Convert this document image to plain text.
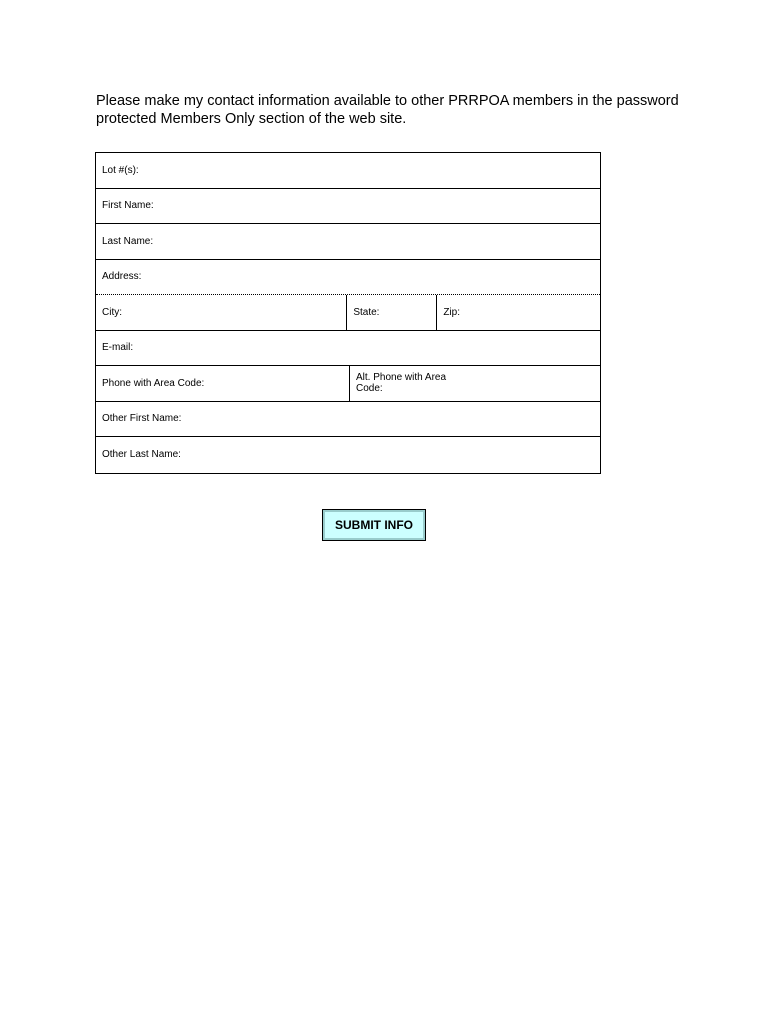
Please make my contact information available to other PRRPOA members in the password protected Members Only section of the web site.

Lot #(s):
First Name:
Last Name:
Address:
City:	State:	Zip:
E-mail:
Phone with Area Code:	Alt. Phone with Area Code:
Other First Name:
Other Last Name:
SUBMIT INFO
